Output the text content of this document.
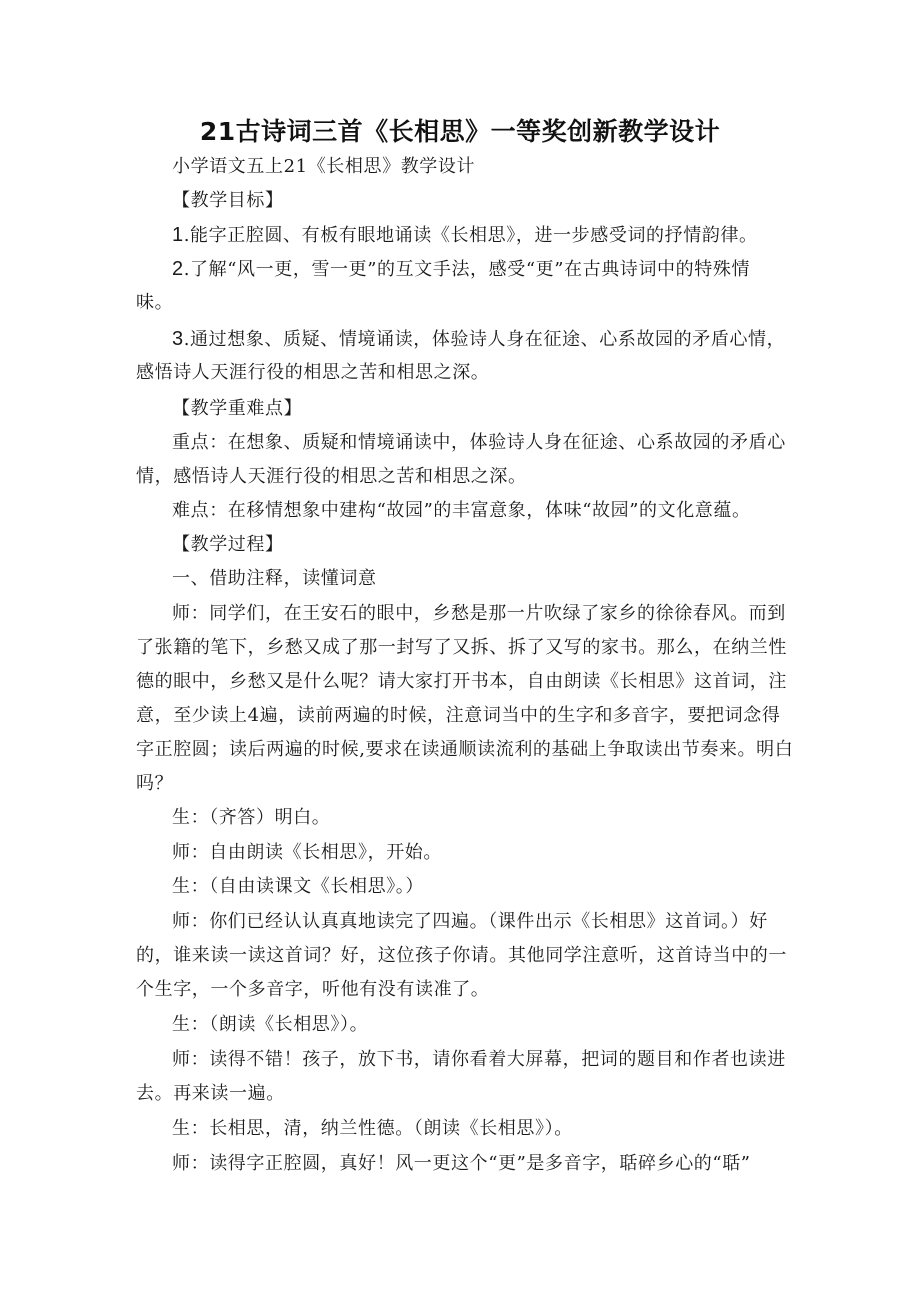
21古诗词三首《长相思》一等奖创新教学设计
小学语文五上21《长相思》教学设计
【教学目标】
1.能字正腔圆、有板有眼地诵读《长相思》，进一步感受词的抒情韵律。
2.了解“风一更，雪一更”的互文手法，感受“更”在古典诗词中的特殊情
味。
3.通过想象、质疑、情境诵读，体验诗人身在征途、心系故园的矛盾心情，
感悟诗人天涯行役的相思之苦和相思之深。
【教学重难点】
重点：在想象、质疑和情境诵读中，体验诗人身在征途、心系故园的矛盾心
情，感悟诗人天涯行役的相思之苦和相思之深。
难点：在移情想象中建构“故园”的丰富意象，体味“故园”的文化意蕴。
【教学过程】
一、借助注释，读懂词意
师：同学们，在王安石的眼中，乡愁是那一片吹绿了家乡的徐徐春风。而到
了张籍的笔下，乡愁又成了那一封写了又拆、拆了又写的家书。那么，在纳兰性
德的眼中，乡愁又是什么呢？请大家打开书本，自由朗读《长相思》这首词，注
意，至少读上4遍，读前两遍的时候，注意词当中的生字和多音字，要把词念得
字正腔圆；读后两遍的时候,要求在读通顺读流利的基础上争取读出节奏来。明白
吗？
生：（齐答）明白。
师：自由朗读《长相思》，开始。
生：（自由读课文《长相思》。）
师：你们已经认认真真地读完了四遍。（课件出示《长相思》这首词。）好
的，谁来读一读这首词？好，这位孩子你请。其他同学注意听，这首诗当中的一
个生字，一个多音字，听他有没有读准了。
生：（朗读《长相思》）。
师：读得不错！孩子，放下书，请你看着大屏幕，把词的题目和作者也读进
去。再来读一遍。
生：长相思，清，纳兰性德。（朗读《长相思》）。
师：读得字正腔圆，真好！风一更这个“更”是多音字，聒碎乡心的“聒”
